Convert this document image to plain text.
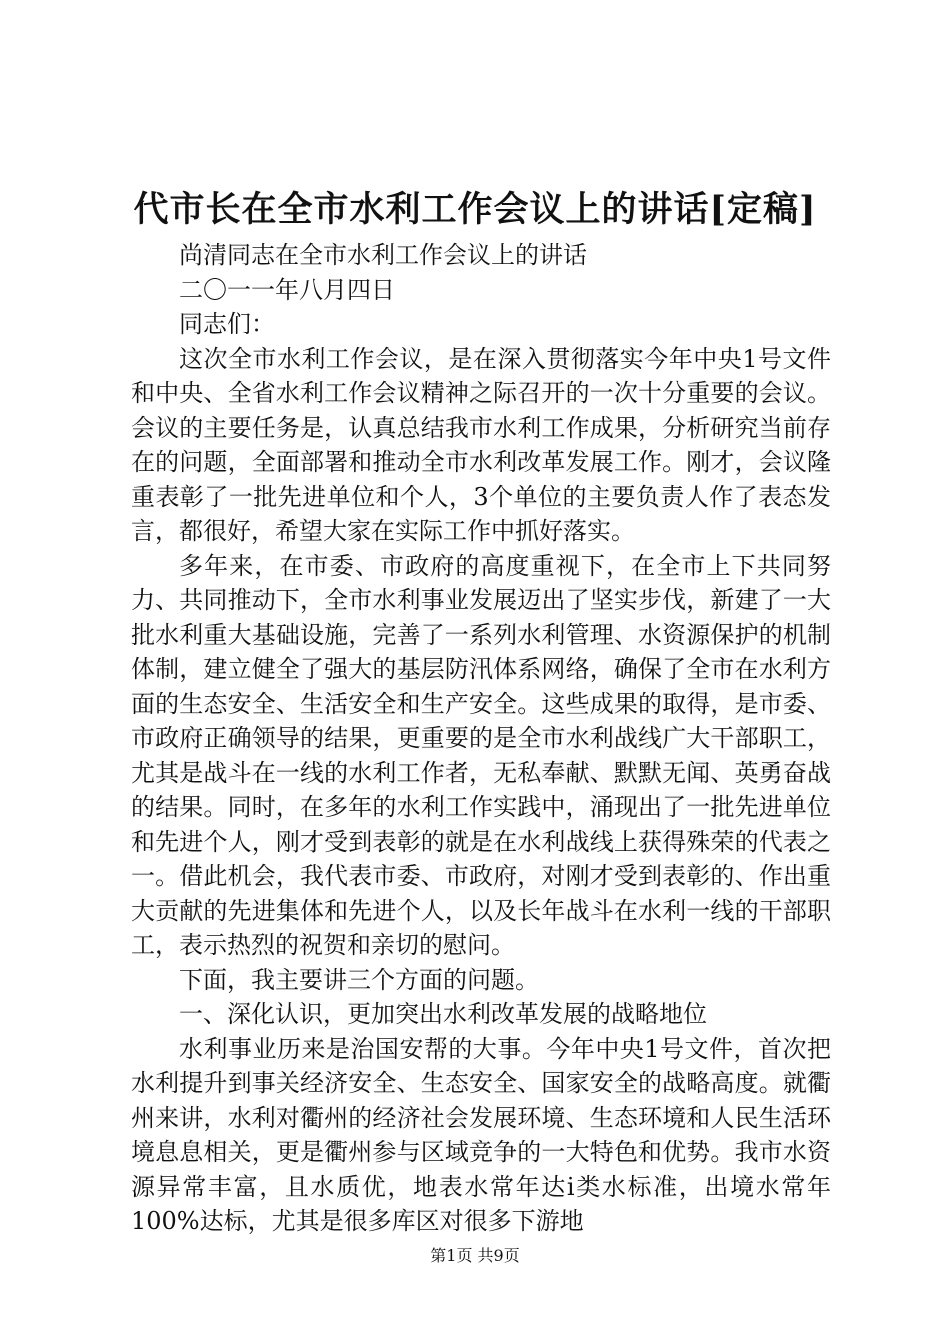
代市长在全市水利工作会议上的讲话[定稿]

尚清同志在全市水利工作会议上的讲话

二〇一一年八月四日

同志们：

这次全市水利工作会议，是在深入贯彻落实今年中央1号文件和中央、全省水利工作会议精神之际召开的一次十分重要的会议。会议的主要任务是，认真总结我市水利工作成果，分析研究当前存在的问题，全面部署和推动全市水利改革发展工作。刚才，会议隆重表彰了一批先进单位和个人，3个单位的主要负责人作了表态发言，都很好，希望大家在实际工作中抓好落实。

多年来，在市委、市政府的高度重视下，在全市上下共同努力、共同推动下，全市水利事业发展迈出了坚实步伐，新建了一大批水利重大基础设施，完善了一系列水利管理、水资源保护的机制体制，建立健全了强大的基层防汛体系网络，确保了全市在水利方面的生态安全、生活安全和生产安全。这些成果的取得，是市委、市政府正确领导的结果，更重要的是全市水利战线广大干部职工，尤其是战斗在一线的水利工作者，无私奉献、默默无闻、英勇奋战的结果。同时，在多年的水利工作实践中，涌现出了一批先进单位和先进个人，刚才受到表彰的就是在水利战线上获得殊荣的代表之一。借此机会，我代表市委、市政府，对刚才受到表彰的、作出重大贡献的先进集体和先进个人，以及长年战斗在水利一线的干部职工，表示热烈的祝贺和亲切的慰问。

下面，我主要讲三个方面的问题。

一、深化认识，更加突出水利改革发展的战略地位

水利事业历来是治国安帮的大事。今年中央1号文件，首次把水利提升到事关经济安全、生态安全、国家安全的战略高度。就衢州来讲，水利对衢州的经济社会发展环境、生态环境和人民生活环境息息相关，更是衢州参与区域竞争的一大特色和优势。我市水资源异常丰富，且水质优，地表水常年达ⅰ类水标准，出境水常年100%达标，尤其是很多库区对很多下游地

第1页 共9页
